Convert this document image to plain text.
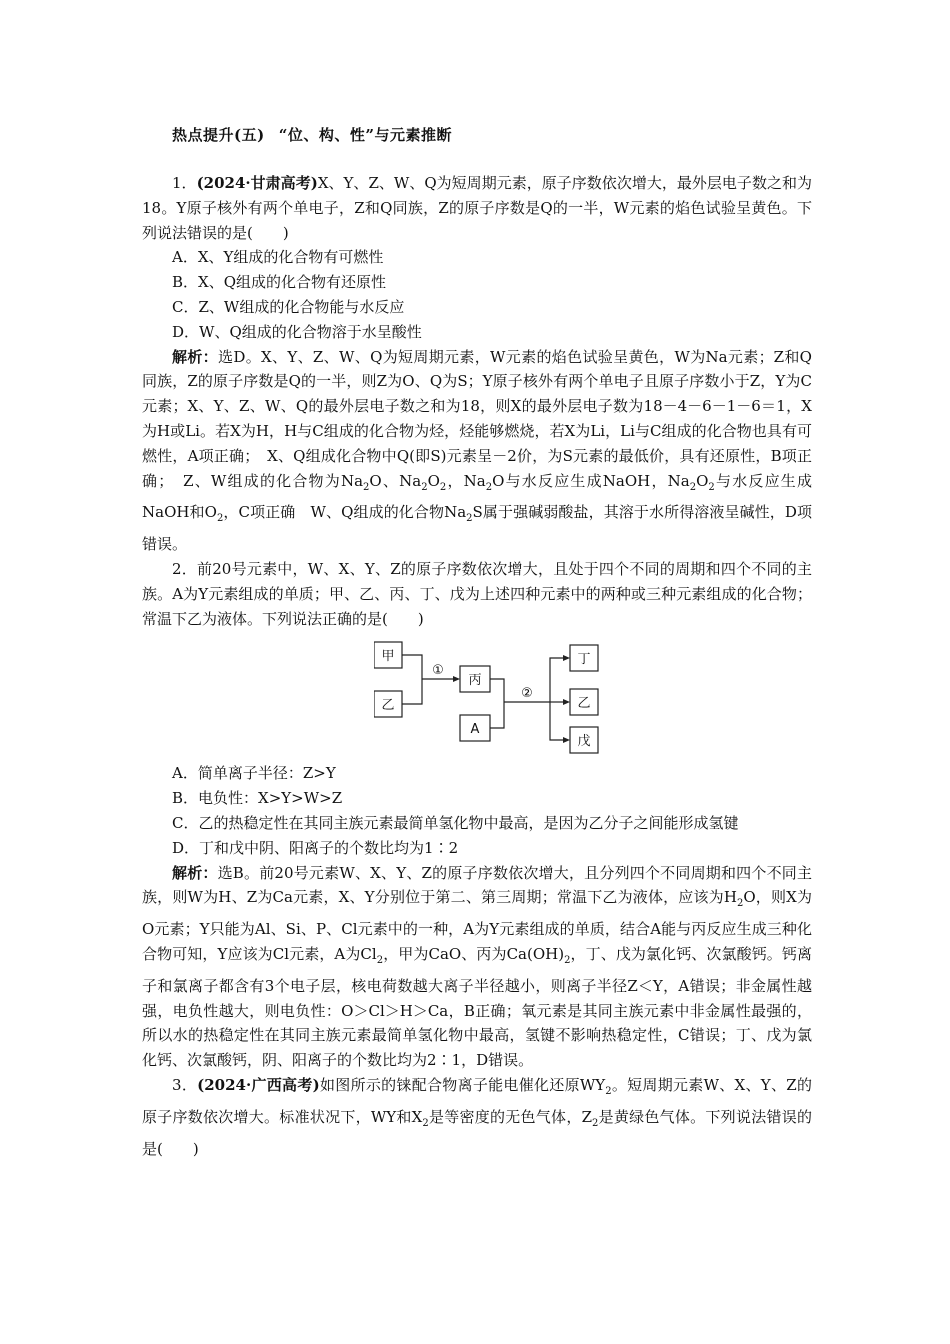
热点提升(五) “位、构、性”与元素推断

1．(2024·甘肃高考)X、Y、Z、W、Q为短周期元素，原子序数依次增大，最外层电子数之和为18。Y原子核外有两个单电子，Z和Q同族，Z的原子序数是Q的一半，W元素的焰色试验呈黄色。下列说法错误的是(　　)

A．X、Y组成的化合物有可燃性

B．X、Q组成的化合物有还原性

C．Z、W组成的化合物能与水反应

D．W、Q组成的化合物溶于水呈酸性

解析：选D。X、Y、Z、W、Q为短周期元素，W元素的焰色试验呈黄色，W为Na元素；Z和Q同族，Z的原子序数是Q的一半，则Z为O、Q为S；Y原子核外有两个单电子且原子序数小于Z，Y为C元素；X、Y、Z、W、Q的最外层电子数之和为18，则X的最外层电子数为18－4－6－1－6＝1，X为H或Li。若X为H，H与C组成的化合物为烃，烃能够燃烧，若X为Li，Li与C组成的化合物也具有可燃性，A项正确；　X、Q组成化合物中Q(即S)元素呈－2价，为S元素的最低价，具有还原性，B项正确；　Z、W组成的化合物为$Na_2O$、$Na_2O_2$，$Na_2O$与水反应生成NaOH，$Na_2O_2$与水反应生成NaOH和$O_2$，C项正确　W、Q组成的化合物$Na_2S$属于强碱弱酸盐，其溶于水所得溶液呈碱性，D项错误。

2．前20号元素中，W、X、Y、Z的原子序数依次增大，且处于四个不同的周期和四个不同的主族。A为Y元素组成的单质；甲、乙、丙、丁、戊为上述四种元素中的两种或三种元素组成的化合物；常温下乙为液体。下列说法正确的是(　　)

甲
乙
丙
A
丁
乙
戊
①
②

A．简单离子半径：Z>Y

B．电负性：X>Y>W>Z

C．乙的热稳定性在其同主族元素最简单氢化物中最高，是因为乙分子之间能形成氢键

D．丁和戊中阴、阳离子的个数比均为1∶2

解析：选B。前20号元素W、X、Y、Z的原子序数依次增大，且分列四个不同周期和四个不同主族，则W为H、Z为Ca元素，X、Y分别位于第二、第三周期；常温下乙为液体，应该为$H_2O$，则X为O元素；Y只能为Al、Si、P、Cl元素中的一种，A为Y元素组成的单质，结合A能与丙反应生成三种化合物可知，Y应该为Cl元素，A为$Cl_2$，甲为CaO、丙为$Ca(OH)_2$，丁、戊为氯化钙、次氯酸钙。钙离子和氯离子都含有3个电子层，核电荷数越大离子半径越小，则离子半径Z＜Y，A错误；非金属性越强，电负性越大，则电负性：O＞Cl＞H＞Ca，B正确；氧元素是其同主族元素中非金属性最强的，所以水的热稳定性在其同主族元素最简单氢化物中最高，氢键不影响热稳定性，C错误；丁、戊为氯化钙、次氯酸钙，阴、阳离子的个数比均为2∶1，D错误。

3．(2024·广西高考)如图所示的铼配合物离子能电催化还原$WY_2$。短周期元素W、X、Y、Z的原子序数依次增大。标准状况下，WY和$X_2$是等密度的无色气体，$Z_2$是黄绿色气体。下列说法错误的是(　　)
